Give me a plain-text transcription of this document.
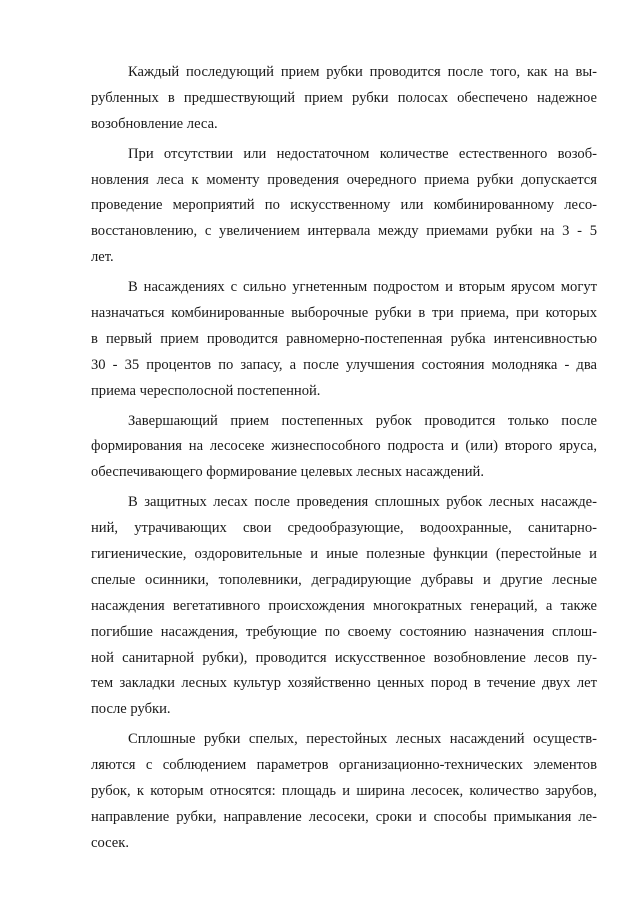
Каждый последующий прием рубки проводится после того, как на вы-
рубленных в предшествующий прием рубки полосах обеспечено надежное
возобновление леса.
При отсутствии или недостаточном количестве естественного возоб-
новления леса к моменту проведения очередного приема рубки допускается
проведение мероприятий по искусственному или комбинированному лесо-
восстановлению, с увеличением интервала между приемами рубки на 3 - 5
лет.
В насаждениях с сильно угнетенным подростом и вторым ярусом могут
назначаться комбинированные выборочные рубки в три приема, при которых
в первый прием проводится равномерно-постепенная рубка интенсивностью
30 - 35 процентов по запасу, а после улучшения состояния молодняка - два
приема чересполосной постепенной.
Завершающий прием постепенных рубок проводится только после
формирования на лесосеке жизнеспособного подроста и (или) второго яруса,
обеспечивающего формирование целевых лесных насаждений.
В защитных лесах после проведения сплошных рубок лесных насажде-
ний, утрачивающих свои средообразующие, водоохранные, санитарно-
гигиенические, оздоровительные и иные полезные функции (перестойные и
спелые осинники, тополевники, деградирующие дубравы и другие лесные
насаждения вегетативного происхождения многократных генераций, а также
погибшие насаждения, требующие по своему состоянию назначения сплош-
ной санитарной рубки), проводится искусственное возобновление лесов пу-
тем закладки лесных культур хозяйственно ценных пород в течение двух лет
после рубки.
Сплошные рубки спелых, перестойных лесных насаждений осуществ-
ляются с соблюдением параметров организационно-технических элементов
рубок, к которым относятся: площадь и ширина лесосек, количество зарубов,
направление рубки, направление лесосеки, сроки и способы примыкания ле-
сосек.
